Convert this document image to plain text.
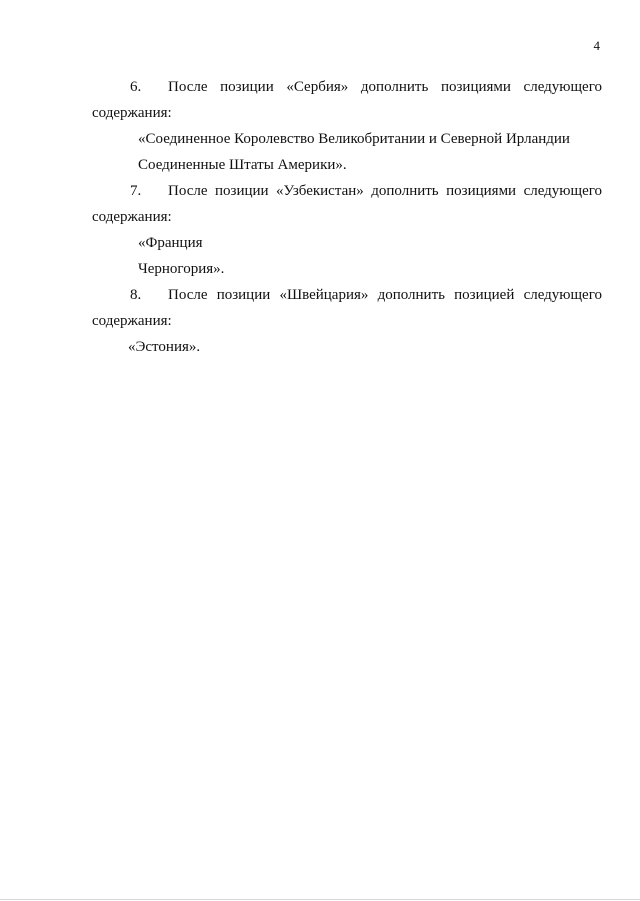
4
6.	После позиции «Сербия» дополнить позициями следующего
содержания:
«Соединенное Королевство Великобритании и Северной Ирландии
Соединенные Штаты Америки».
7.	После позиции «Узбекистан» дополнить позициями следующего
содержания:
«Франция
Черногория».
8.	После позиции «Швейцария» дополнить позицией следующего
содержания:
«Эстония».
